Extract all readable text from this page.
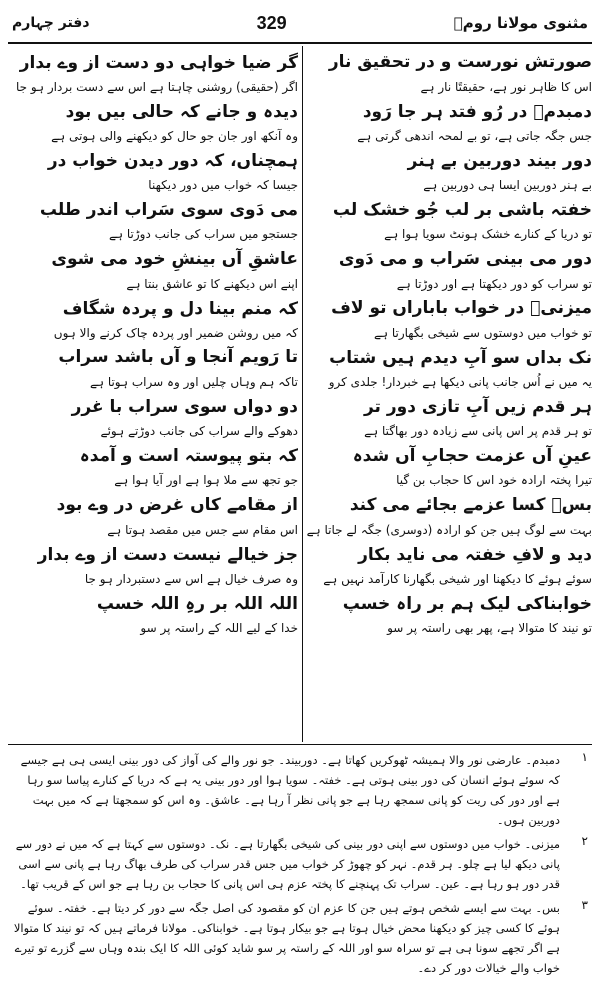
مثنوی مولانا رومؒ
329
دفتر چہارم
صورتش نورست و در تحقیق نار
اس کا ظاہر نور ہے، حقیقتًا نار ہے
دمبدمؒ در رُو فتد ہر جا رَود
جس جگہ جاتی ہے، تو بے لمحہ اندھی گرتی ہے
دور بیند دوربین بے ہنر
بے ہنر دوربین ایسا ہی دوربین ہے
خفتہ باشی بر لب جُو خشک لب
تو دریا کے کنارے خشک ہونٹ سویا ہوا ہے
دور می بینی سَراب و می دَوی
تو سراب کو دور دیکھتا ہے اور دوڑتا ہے
میزنیؒ در خواب باباراں تو لاف
تو خواب میں دوستوں سے شیخی بگھارتا ہے
نک بداں سو آبِ دیدم ہیں شتاب
یہ میں نے اُس جانب پانی دیکھا ہے خبردار! جلدی کرو
ہر قدم زیں آبِ تازی دور تر
تو ہر قدم پر اس پانی سے زیادہ دور بھاگتا ہے
عینِ آں عزمت حجابِ آں شدہ
تیرا پختہ ارادہ خود اس کا حجاب بن گیا
بسؒ کسا عزمے بجائے می کند
بہت سے لوگ ہیں جن کو ارادہ (دوسری) جگہ لے جاتا ہے
دید و لافِ خفتہ می ناید بکار
سوئے ہوئے کا دیکھنا اور شیخی بگھارنا کارآمد نہیں ہے
خوابناکی لیک ہم بر راہ خسپ
تو نیند کا متوالا ہے، پھر بھی راستہ پر سو
گر ضیا خواہی دو دست از وے بدار
اگر (حقیقی) روشنی چاہتا ہے اس سے دست بردار ہو جا
دیدہ و جانے کہ حالی بیں بود
وہ آنکھ اور جان جو حال کو دیکھنے والی ہوتی ہے
ہمچناں، کہ دور دیدن خواب در
جیسا کہ خواب میں دور دیکھنا
می دَوی سوی سَراب اندر طلب
جستجو میں سراب کی جانب دوڑتا ہے
عاشقِ آں بینشِ خود می شوی
اپنے اس دیکھنے کا تو عاشق بنتا ہے
کہ منم بینا دل و پردہ شگاف
کہ میں روشن ضمیر اور پردہ چاک کرنے والا ہوں
تا رَویم آنجا و آں باشد سراب
تاکہ ہم وہاں چلیں اور وہ سراب ہوتا ہے
دو دواں سوی سراب با غرر
دھوکے والے سراب کی جانب دوڑتے ہوئے
کہ بتو پیوستہ است و آمدہ
جو تجھ سے ملا ہوا ہے اور آیا ہوا ہے
از مقامے کاں غرض در وے بود
اس مقام سے جس میں مقصد ہوتا ہے
جز خیالے نیست دست از وے بدار
وہ صرف خیال ہے اس سے دستبردار ہو جا
اللہ اللہ بر رہِ اللہ خسپ
خدا کے لیے اللہ کے راستہ پر سو
۱
دمبدم۔ عارضی نور والا ہمیشہ ٹھوکریں کھاتا ہے۔ دوربیند۔ جو نور والے کی آواز کی دور بینی ایسی ہی ہے جیسے کہ سوئے ہوئے انسان کی دور بینی ہوتی ہے۔ خفتہ۔ سویا ہوا اور دور بینی یہ ہے کہ دریا کے کنارے پیاسا سو رہا ہے اور دور کی ریت کو پانی سمجھ رہا ہے جو پانی نظر آ رہا ہے۔ عاشق۔ وہ اس کو سمجھتا ہے کہ میں بہت دوربین ہوں۔
۲
میزنی۔ خواب میں دوستوں سے اپنی دور بینی کی شیخی بگھارتا ہے۔ نک۔ دوستوں سے کہتا ہے کہ میں نے دور سے پانی دیکھ لیا ہے چلو۔ ہر قدم۔ نہر کو چھوڑ کر خواب میں جس قدر سراب کی طرف بھاگ رہا ہے پانی سے اسی قدر دور ہو رہا ہے۔ عین۔ سراب تک پہنچنے کا پختہ عزم ہی اس پانی کا حجاب بن رہا ہے جو اس کے قریب تھا۔
۳
بس۔ بہت سے ایسے شخص ہوتے ہیں جن کا عزم ان کو مقصود کی اصل جگہ سے دور کر دیتا ہے۔ خفتہ۔ سوئے ہوئے کا کسی چیز کو دیکھنا محض خیال ہوتا ہے جو بیکار ہوتا ہے۔ خوابناکی۔ مولانا فرماتے ہیں کہ تو نیند کا متوالا ہے اگر تجھے سونا ہی ہے تو سراہ سو اور اللہ کے راستہ پر سو شاید کوئی اللہ کا ایک بندہ وہاں سے گزرے تو تیرے خواب والے خیالات دور کر دے۔
